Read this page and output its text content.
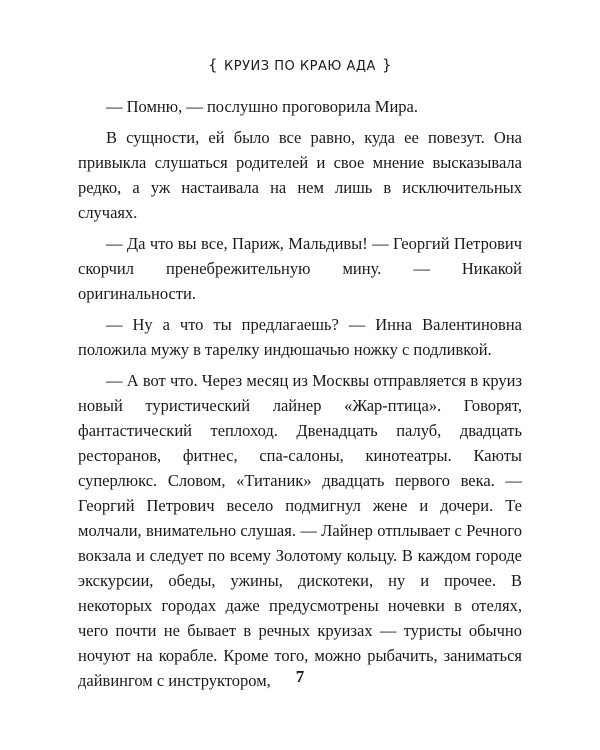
{ КРУИЗ ПО КРАЮ АДА }

— Помню, — послушно проговорила Мира.

В сущности, ей было все равно, куда ее повезут. Она привыкла слушаться родителей и свое мнение высказывала редко, а уж настаивала на нем лишь в исключительных случаях.

— Да что вы все, Париж, Мальдивы! — Георгий Петрович скорчил пренебрежительную мину. — Никакой оригинальности.

— Ну а что ты предлагаешь? — Инна Валентиновна положила мужу в тарелку индюшачью ножку с подливкой.

— А вот что. Через месяц из Москвы отправляется в круиз новый туристический лайнер «Жар-птица». Говорят, фантастический теплоход. Двенадцать палуб, двадцать ресторанов, фитнес, спа-салоны, кинотеатры. Каюты суперлюкс. Словом, «Титаник» двадцать первого века. — Георгий Петрович весело подмигнул жене и дочери. Те молчали, внимательно слушая. — Лайнер отплывает с Речного вокзала и следует по всему Золотому кольцу. В каждом городе экскурсии, обеды, ужины, дискотеки, ну и прочее. В некоторых городах даже предусмотрены ночевки в отелях, чего почти не бывает в речных круизах — туристы обычно ночуют на корабле. Кроме того, можно рыбачить, заниматься дайвингом с инструктором,	7
